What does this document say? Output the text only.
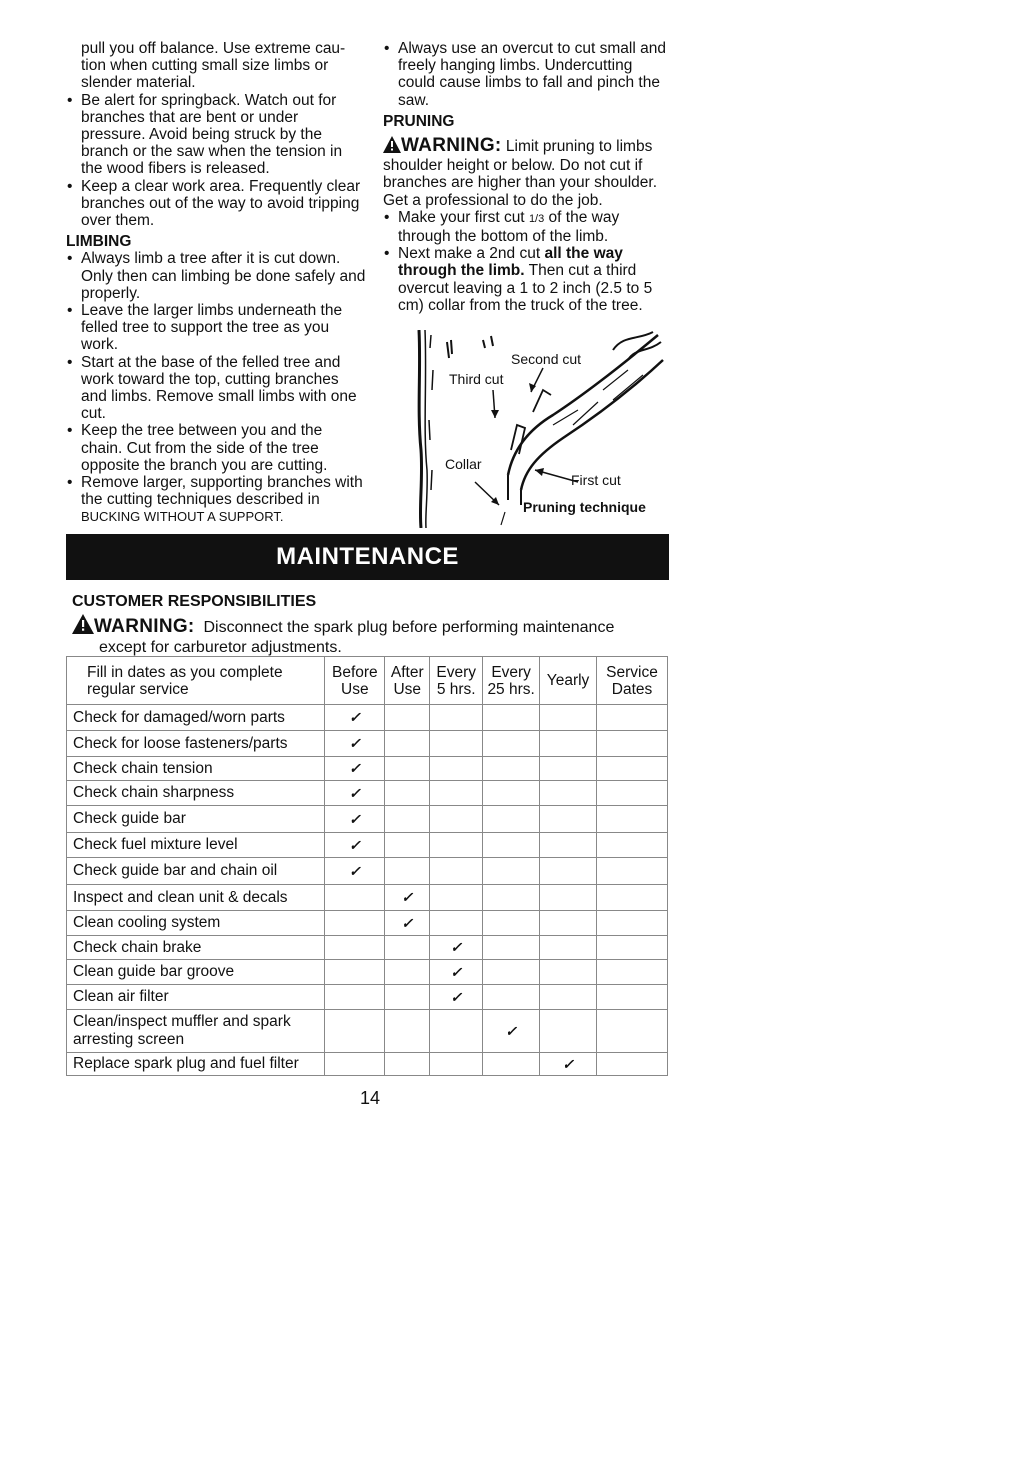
pull you off balance. Use extreme cau-tion when cutting small size limbs or slender material.
• Be alert for springback. Watch out for branches that are bent or under pressure. Avoid being struck by the branch or the saw when the tension in the wood fibers is released.
• Keep a clear work area. Frequently clear branches out of the way to avoid tripping over them.
LIMBING
• Always limb a tree after it is cut down. Only then can limbing be done safely and properly.
• Leave the larger limbs underneath the felled tree to support the tree as you work.
• Start at the base of the felled tree and work toward the top, cutting branches and limbs. Remove small limbs with one cut.
• Keep the tree between you and the chain. Cut from the side of the tree opposite the branch you are cutting.
• Remove larger, supporting branches with the cutting techniques described in BUCKING WITHOUT A SUPPORT.
• Always use an overcut to cut small and freely hanging limbs. Undercutting could cause limbs to fall and pinch the saw.
PRUNING
WARNING: Limit pruning to limbs shoulder height or below. Do not cut if branches are higher than your shoulder. Get a professional to do the job.
• Make your first cut 1/3 of the way through the bottom of the limb.
• Next make a 2nd cut all the way through the limb. Then cut a third overcut leaving a 1 to 2 inch (2.5 to 5 cm) collar from the truck of the tree.
Second cut
Third cut
Collar
First cut
Pruning technique
MAINTENANCE
CUSTOMER RESPONSIBILITIES
WARNING: Disconnect the spark plug before performing maintenance
except for carburetor adjustments.
Fill in dates as you complete regular service	Before Use	After Use	Every 5 hrs.	Every 25 hrs.	Yearly	Service Dates
Check for damaged/worn parts	✓					
Check for loose fasteners/parts	✓					
Check chain tension	✓					
Check chain sharpness	✓					
Check guide bar	✓					
Check fuel mixture level	✓					
Check guide bar and chain oil	✓					
Inspect and clean unit & decals		✓				
Clean cooling system		✓				
Check chain brake			✓			
Clean guide bar groove			✓			
Clean air filter			✓			
Clean/inspect muffler and spark arresting screen				✓		
Replace spark plug and fuel filter					✓	
14
